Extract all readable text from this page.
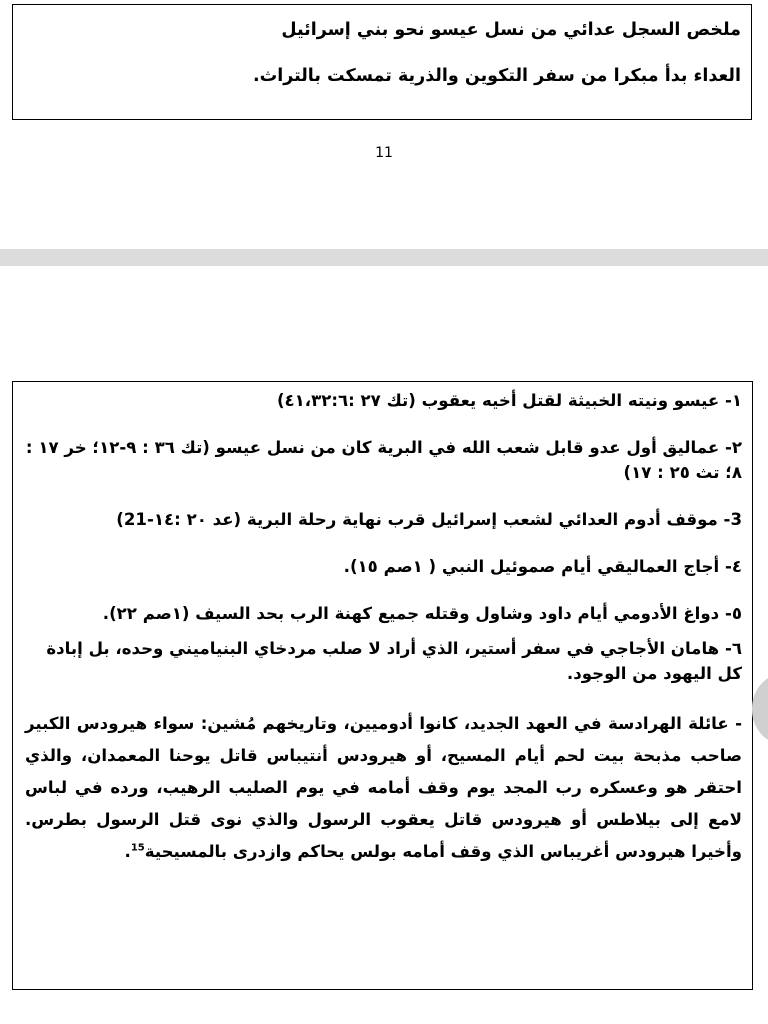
ملخص السجل عدائي من نسل عيسو نحو بني إسرائيل
العداء بدأ مبكرا من سفر التكوين والذرية تمسكت بالتراث.
11

١- عيسو ونيته الخبيثة لقتل أخيه يعقوب (تك ٢٧ :٤١،٣٢:٦)

٢- عماليق أول عدو قابل شعب الله في البرية كان من نسل عيسو (تك ٣٦ : ٩-١٢؛ خر ١٧ : ٨؛ تث ٢٥ : ١٧)

3- موقف أدوم العدائي لشعب إسرائيل قرب نهاية رحلة البرية (عد ٢٠ :١٤-21)

٤- أجاج العماليقي أيام صموئيل النبي ( ١صم ١٥).

٥- دواغ الأدومي أيام داود وشاول وقتله جميع كهنة الرب بحد السيف (١صم ٢٢).

٦- هامان الأجاجي في سفر أستير، الذي أراد لا صلب مردخاي البنياميني وحده، بل إبادة كل اليهود من الوجود.

- عائلة الهرادسة في العهد الجديد، كانوا أدوميين، وتاريخهم مُشين: سواء هيرودس الكبير صاحب مذبحة بيت لحم أيام المسيح، أو هيرودس أنتيباس قاتل يوحنا المعمدان، والذي احتقر هو وعسكره رب المجد يوم وقف أمامه في يوم الصليب الرهيب، ورده في لباس لامع إلى بيلاطس أو هيرودس قاتل يعقوب الرسول والذي نوى قتل الرسول بطرس. وأخيرا هيرودس أغريباس الذي وقف أمامه بولس يحاكم وازدرى بالمسيحية$^{15}$.
